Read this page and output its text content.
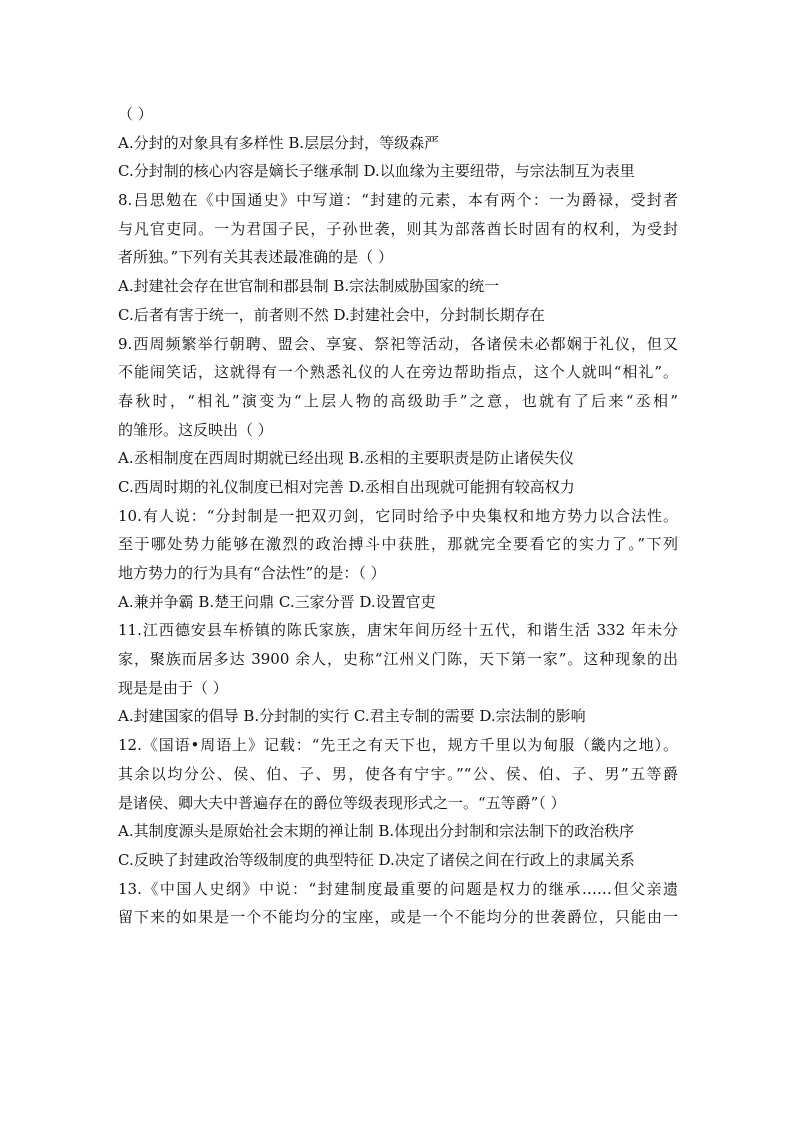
（ ）
A.分封的对象具有多样性 B.层层分封，等级森严
C.分封制的核心内容是嫡长子继承制 D.以血缘为主要纽带，与宗法制互为表里
8.吕思勉在《中国通史》中写道：“封建的元素，本有两个：一为爵禄，受封者
与凡官吏同。一为君国子民，子孙世袭，则其为部落酋长时固有的权利，为受封
者所独。”下列有关其表述最准确的是（ ）
A.封建社会存在世官制和郡县制 B.宗法制威胁国家的统一
C.后者有害于统一，前者则不然 D.封建社会中，分封制长期存在
9.西周频繁举行朝聘、盟会、享宴、祭祀等活动，各诸侯未必都娴于礼仪，但又
不能闹笑话，这就得有一个熟悉礼仪的人在旁边帮助指点，这个人就叫“相礼”。
春秋时，“相礼”演变为“上层人物的高级助手”之意，也就有了后来“丞相”
的雏形。这反映出（ ）
A.丞相制度在西周时期就已经出现 B.丞相的主要职责是防止诸侯失仪
C.西周时期的礼仪制度已相对完善 D.丞相自出现就可能拥有较高权力
10.有人说：“分封制是一把双刃剑，它同时给予中央集权和地方势力以合法性。
至于哪处势力能够在激烈的政治搏斗中获胜，那就完全要看它的实力了。”下列
地方势力的行为具有“合法性”的是：（ ）
A.兼并争霸 B.楚王问鼎 C.三家分晋 D.设置官吏
11.江西德安县车桥镇的陈氏家族，唐宋年间历经十五代，和谐生活 332 年未分
家，聚族而居多达 3900 余人，史称“江州义门陈，天下第一家”。这种现象的出
现是是由于（ ）
A.封建国家的倡导 B.分封制的实行 C.君主专制的需要 D.宗法制的影响
12.《国语•周语上》记载：“先王之有天下也，规方千里以为甸服（畿内之地）。
其余以均分公、侯、伯、子、男，使各有宁宇。”“公、侯、伯、子、男”五等爵
是诸侯、卿大夫中普遍存在的爵位等级表现形式之一。“五等爵”（ ）
A.其制度源头是原始社会末期的禅让制 B.体现出分封制和宗法制下的政治秩序
C.反映了封建政治等级制度的典型特征 D.决定了诸侯之间在行政上的隶属关系
13.《中国人史纲》中说：“封建制度最重要的问题是权力的继承……但父亲遗
留下来的如果是一个不能均分的宝座，或是一个不能均分的世袭爵位，只能由一
